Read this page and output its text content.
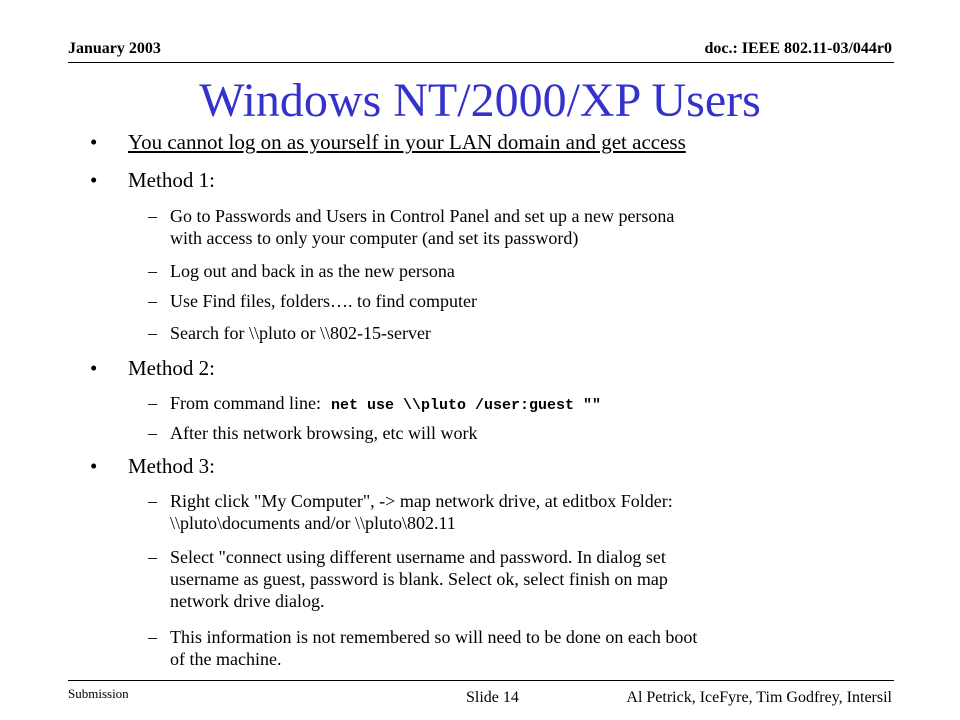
January 2003	doc.: IEEE 802.11-03/044r0
Windows NT/2000/XP Users
• You cannot log on as yourself in your LAN domain and get access
• Method 1:
– Go to Passwords and Users in Control Panel and set up a new persona
with access to only your computer (and set its password)
– Log out and back in as the new persona
– Use Find files, folders…. to find computer
– Search for \\pluto or \\802-15-server
• Method 2:
– From command line: net use \\pluto /user:guest ""
– After this network browsing, etc will work
• Method 3:
– Right click "My Computer", -> map network drive, at editbox Folder:
\\pluto\documents and/or \\pluto\802.11
– Select "connect using different username and password. In dialog set
username as guest, password is blank. Select ok, select finish on map
network drive dialog.
– This information is not remembered so will need to be done on each boot
of the machine.
Submission	Slide 14	Al Petrick, IceFyre, Tim Godfrey, Intersil
